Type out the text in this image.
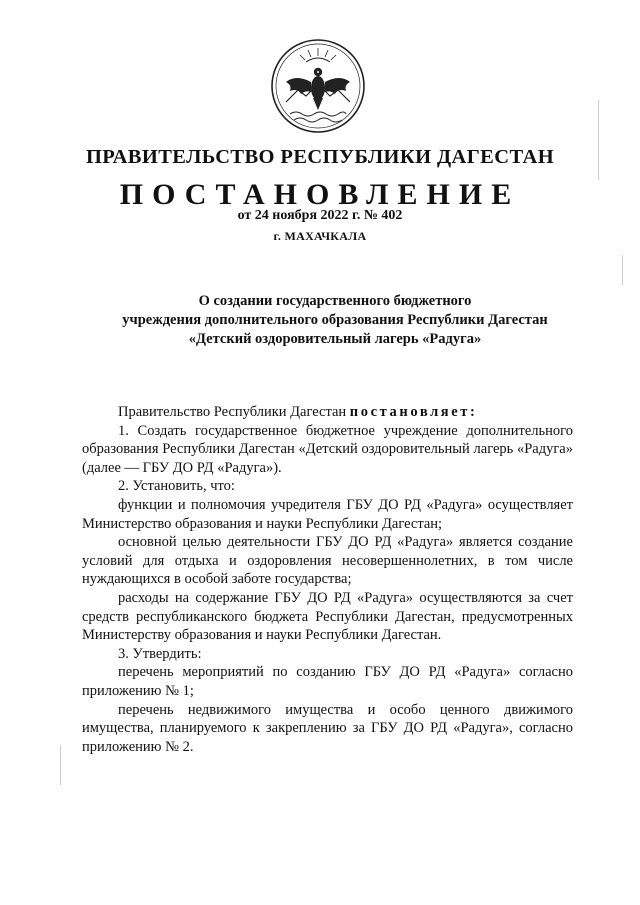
ПРАВИТЕЛЬСТВО РЕСПУБЛИКИ ДАГЕСТАН
ПОСТАНОВЛЕНИЕ
от 24 ноября 2022 г. № 402
г. МАХАЧКАЛА
О создании государственного бюджетного
учреждения дополнительного образования Республики Дагестан
«Детский оздоровительный лагерь «Радуга»

Правительство Республики Дагестан постановляет:

1. Создать государственное бюджетное учреждение дополнительного образования Республики Дагестан «Детский оздоровительный лагерь «Радуга» (далее — ГБУ ДО РД «Радуга»).

2. Установить, что:

функции и полномочия учредителя ГБУ ДО РД «Радуга» осуществляет Министерство образования и науки Республики Дагестан;

основной целью деятельности ГБУ ДО РД «Радуга» является создание условий для отдыха и оздоровления несовершеннолетних, в том числе нуждающихся в особой заботе государства;

расходы на содержание ГБУ ДО РД «Радуга» осуществляются за счет средств республиканского бюджета Республики Дагестан, предусмотренных Министерству образования и науки Республики Дагестан.

3. Утвердить:

перечень мероприятий по созданию ГБУ ДО РД «Радуга» согласно приложению № 1;

перечень недвижимого имущества и особо ценного движимого имущества, планируемого к закреплению за ГБУ ДО РД «Радуга», согласно приложению № 2.
